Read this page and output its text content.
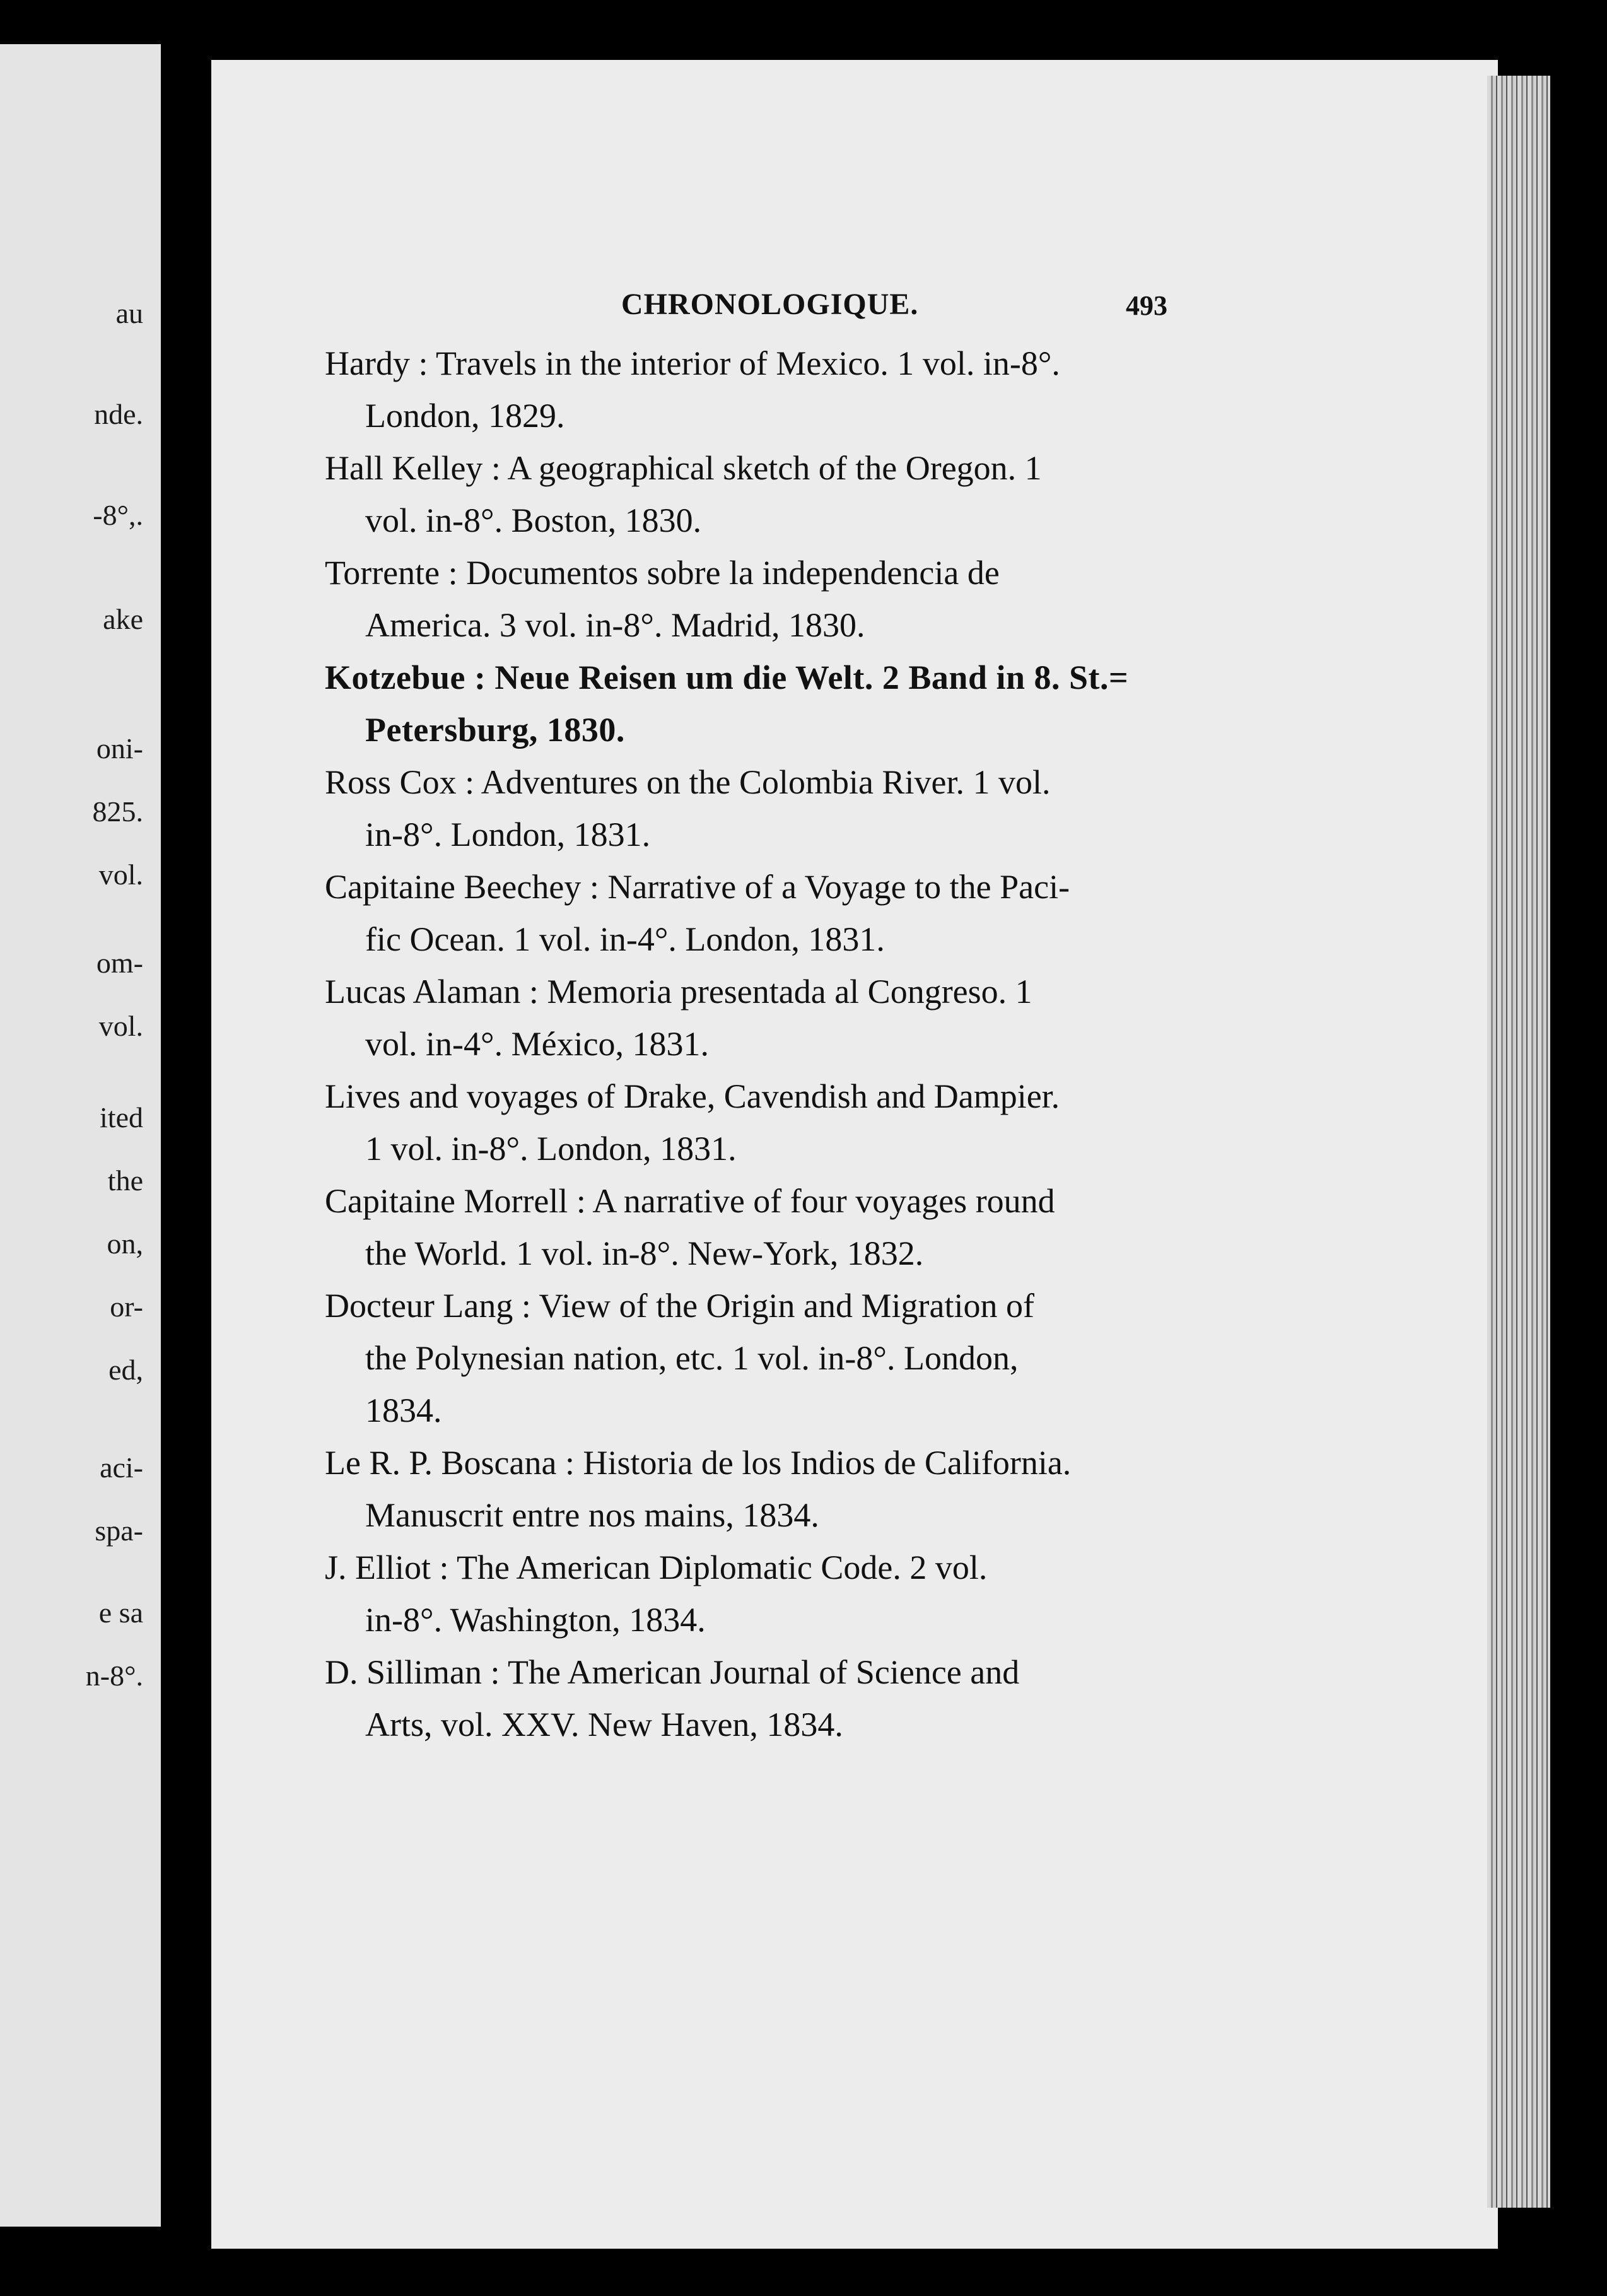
au
nde.
-8°,.
ake
oni-
825.
vol.
om-
vol.
ited
the
on,
or-
ed,
aci-
spa-
e sa
n-8°.
CHRONOLOGIQUE.	493
Hardy : Travels in the interior of Mexico. 1 vol. in-8°.
London, 1829.
Hall Kelley : A geographical sketch of the Oregon. 1
vol. in-8°. Boston, 1830.
Torrente : Documentos sobre la independencia de
America. 3 vol. in-8°. Madrid, 1830.
Kotzebue : Neue Reisen um die Welt. 2 Band in 8. St.=
Petersburg, 1830.
Ross Cox : Adventures on the Colombia River. 1 vol.
in-8°. London, 1831.
Capitaine Beechey : Narrative of a Voyage to the Paci-
fic Ocean. 1 vol. in-4°. London, 1831.
Lucas Alaman : Memoria presentada al Congreso. 1
vol. in-4°. México, 1831.
Lives and voyages of Drake, Cavendish and Dampier.
1 vol. in-8°. London, 1831.
Capitaine Morrell : A narrative of four voyages round
the World. 1 vol. in-8°. New-York, 1832.
Docteur Lang : View of the Origin and Migration of
the Polynesian nation, etc. 1 vol. in-8°. London,
1834.
Le R. P. Boscana : Historia de los Indios de California.
Manuscrit entre nos mains, 1834.
J. Elliot : The American Diplomatic Code. 2 vol.
in-8°. Washington, 1834.
D. Silliman : The American Journal of Science and
Arts, vol. XXV. New Haven, 1834.
